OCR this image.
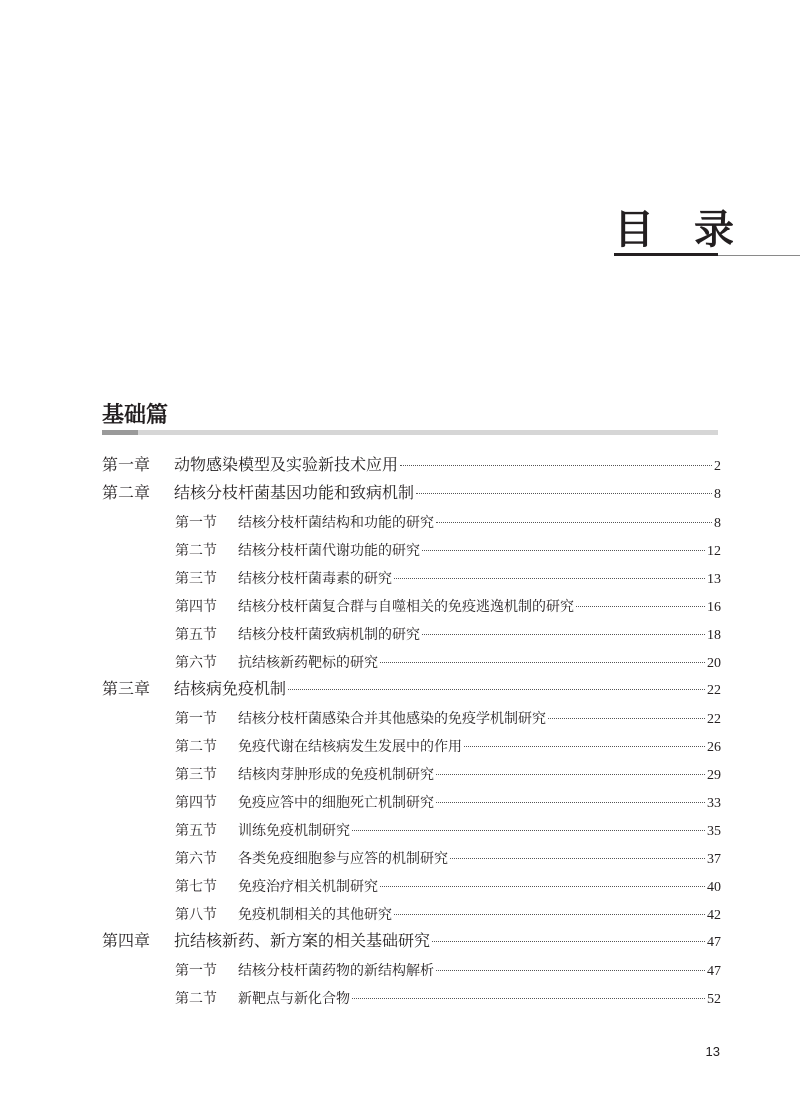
目　录
基础篇
第一章	动物感染模型及实验新技术应用	2
第二章	结核分枝杆菌基因功能和致病机制	8
第一节	结核分枝杆菌结构和功能的研究	8
第二节	结核分枝杆菌代谢功能的研究	12
第三节	结核分枝杆菌毒素的研究	13
第四节	结核分枝杆菌复合群与自噬相关的免疫逃逸机制的研究	16
第五节	结核分枝杆菌致病机制的研究	18
第六节	抗结核新药靶标的研究	20
第三章	结核病免疫机制	22
第一节	结核分枝杆菌感染合并其他感染的免疫学机制研究	22
第二节	免疫代谢在结核病发生发展中的作用	26
第三节	结核肉芽肿形成的免疫机制研究	29
第四节	免疫应答中的细胞死亡机制研究	33
第五节	训练免疫机制研究	35
第六节	各类免疫细胞参与应答的机制研究	37
第七节	免疫治疗相关机制研究	40
第八节	免疫机制相关的其他研究	42
第四章	抗结核新药、新方案的相关基础研究	47
第一节	结核分枝杆菌药物的新结构解析	47
第二节	新靶点与新化合物	52
13
